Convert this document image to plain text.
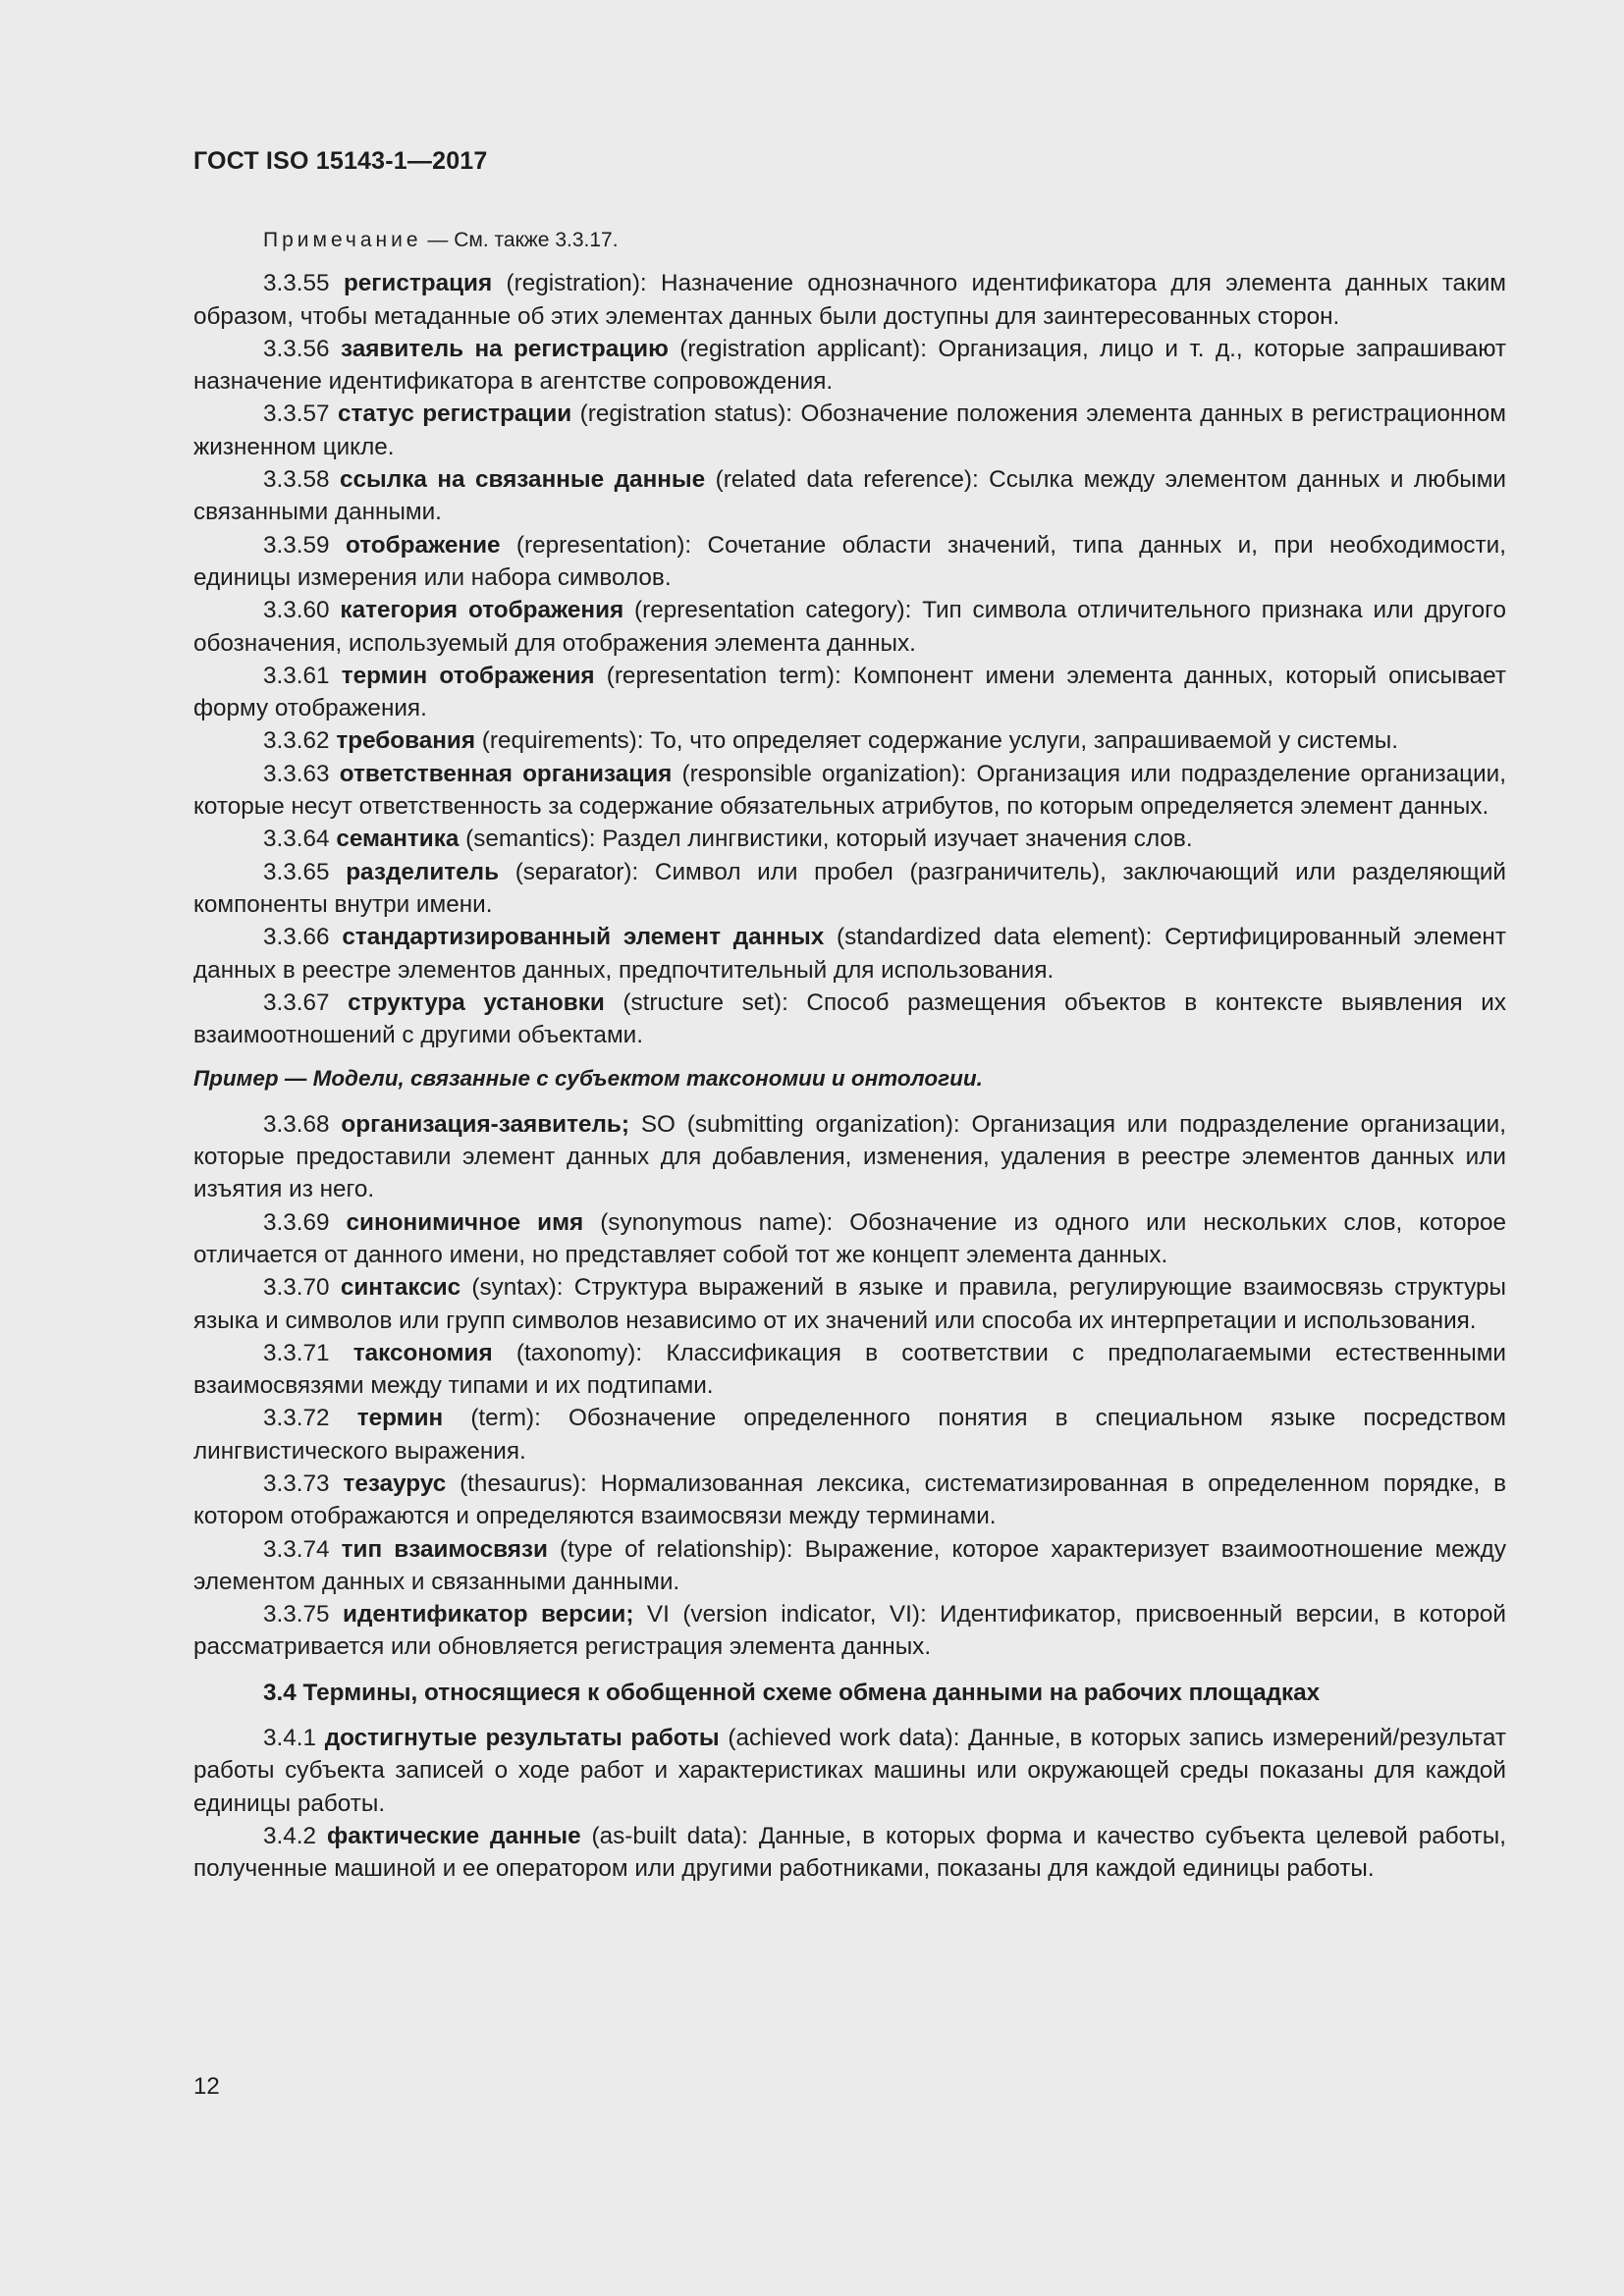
ГОСТ ISO 15143-1—2017

Примечание — См. также 3.3.17.

3.3.55 регистрация (registration): Назначение однозначного идентификатора для элемента данных таким образом, чтобы метаданные об этих элементах данных были доступны для заинтересованных сторон.

3.3.56 заявитель на регистрацию (registration applicant): Организация, лицо и т. д., которые запрашивают назначение идентификатора в агентстве сопровождения.

3.3.57 статус регистрации (registration status): Обозначение положения элемента данных в регистрационном жизненном цикле.

3.3.58 ссылка на связанные данные (related data reference): Ссылка между элементом данных и любыми связанными данными.

3.3.59 отображение (representation): Сочетание области значений, типа данных и, при необходимости, единицы измерения или набора символов.

3.3.60 категория отображения (representation category): Тип символа отличительного признака или другого обозначения, используемый для отображения элемента данных.

3.3.61 термин отображения (representation term): Компонент имени элемента данных, который описывает форму отображения.

3.3.62 требования (requirements): То, что определяет содержание услуги, запрашиваемой у системы.

3.3.63 ответственная организация (responsible organization): Организация или подразделение организации, которые несут ответственность за содержание обязательных атрибутов, по которым определяется элемент данных.

3.3.64 семантика (semantics): Раздел лингвистики, который изучает значения слов.

3.3.65 разделитель (separator): Символ или пробел (разграничитель), заключающий или разделяющий компоненты внутри имени.

3.3.66 стандартизированный элемент данных (standardized data element): Сертифицированный элемент данных в реестре элементов данных, предпочтительный для использования.

3.3.67 структура установки (structure set): Способ размещения объектов в контексте выявления их взаимоотношений с другими объектами.

Пример — Модели, связанные с субъектом таксономии и онтологии.

3.3.68 организация-заявитель; SO (submitting organization): Организация или подразделение организации, которые предоставили элемент данных для добавления, изменения, удаления в реестре элементов данных или изъятия из него.

3.3.69 синонимичное имя (synonymous name): Обозначение из одного или нескольких слов, которое отличается от данного имени, но представляет собой тот же концепт элемента данных.

3.3.70 синтаксис (syntax): Структура выражений в языке и правила, регулирующие взаимосвязь структуры языка и символов или групп символов независимо от их значений или способа их интерпретации и использования.

3.3.71 таксономия (taxonomy): Классификация в соответствии с предполагаемыми естественными взаимосвязями между типами и их подтипами.

3.3.72 термин (term): Обозначение определенного понятия в специальном языке посредством лингвистического выражения.

3.3.73 тезаурус (thesaurus): Нормализованная лексика, систематизированная в определенном порядке, в котором отображаются и определяются взаимосвязи между терминами.

3.3.74 тип взаимосвязи (type of relationship): Выражение, которое характеризует взаимоотношение между элементом данных и связанными данными.

3.3.75 идентификатор версии; VI (version indicator, VI): Идентификатор, присвоенный версии, в которой рассматривается или обновляется регистрация элемента данных.

3.4 Термины, относящиеся к обобщенной схеме обмена данными на рабочих площадках

3.4.1 достигнутые результаты работы (achieved work data): Данные, в которых запись измерений/результат работы субъекта записей о ходе работ и характеристиках машины или окружающей среды показаны для каждой единицы работы.

3.4.2 фактические данные (as-built data): Данные, в которых форма и качество субъекта целевой работы, полученные машиной и ее оператором или другими работниками, показаны для каждой единицы работы.

12
